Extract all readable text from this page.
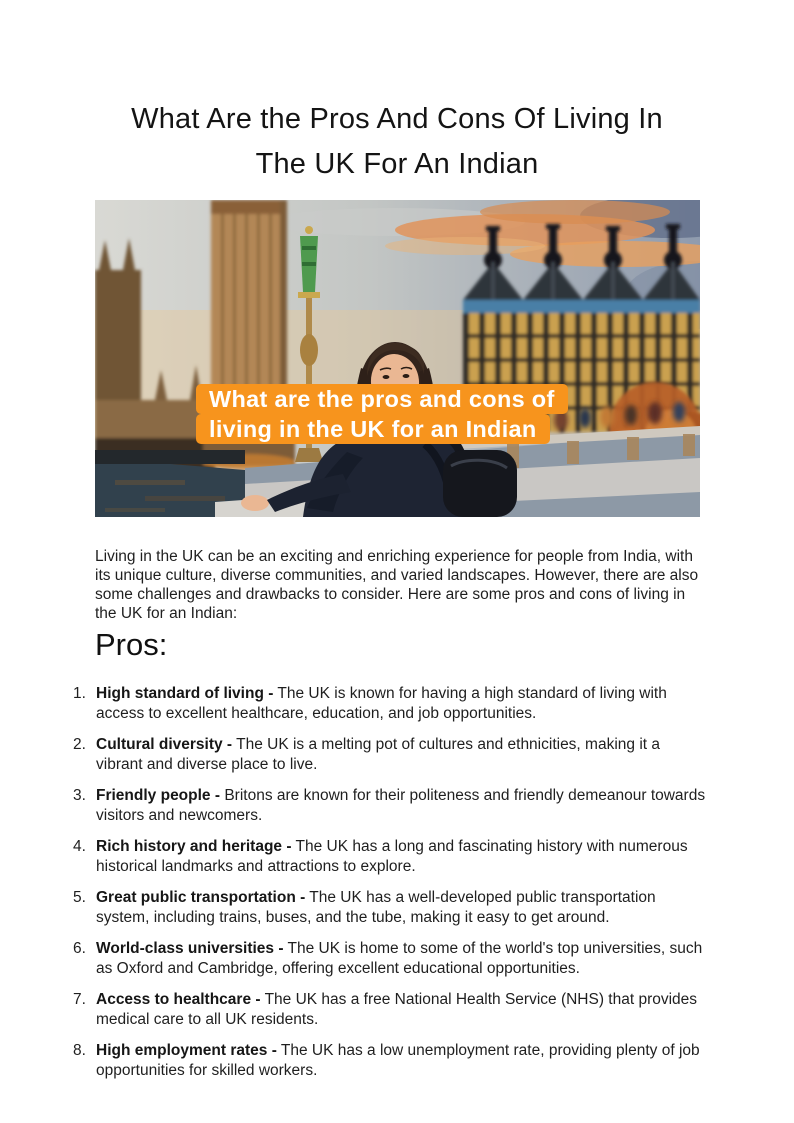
What Are the Pros And Cons Of Living In
The UK For An Indian
What are the pros and cons of
living in the UK for an Indian

Living in the UK can be an exciting and enriching experience for people from India, with its unique culture, diverse communities, and varied landscapes. However, there are also some challenges and drawbacks to consider. Here are some pros and cons of living in the UK for an Indian:

Pros:
High standard of living - The UK is known for having a high standard of living with access to excellent healthcare, education, and job opportunities.
Cultural diversity - The UK is a melting pot of cultures and ethnicities, making it a vibrant and diverse place to live.
Friendly people - Britons are known for their politeness and friendly demeanour towards visitors and newcomers.
Rich history and heritage - The UK has a long and fascinating history with numerous historical landmarks and attractions to explore.
Great public transportation - The UK has a well-developed public transportation system, including trains, buses, and the tube, making it easy to get around.
World-class universities - The UK is home to some of the world's top universities, such as Oxford and Cambridge, offering excellent educational opportunities.
Access to healthcare - The UK has a free National Health Service (NHS) that provides medical care to all UK residents.
High employment rates - The UK has a low unemployment rate, providing plenty of job opportunities for skilled workers.
